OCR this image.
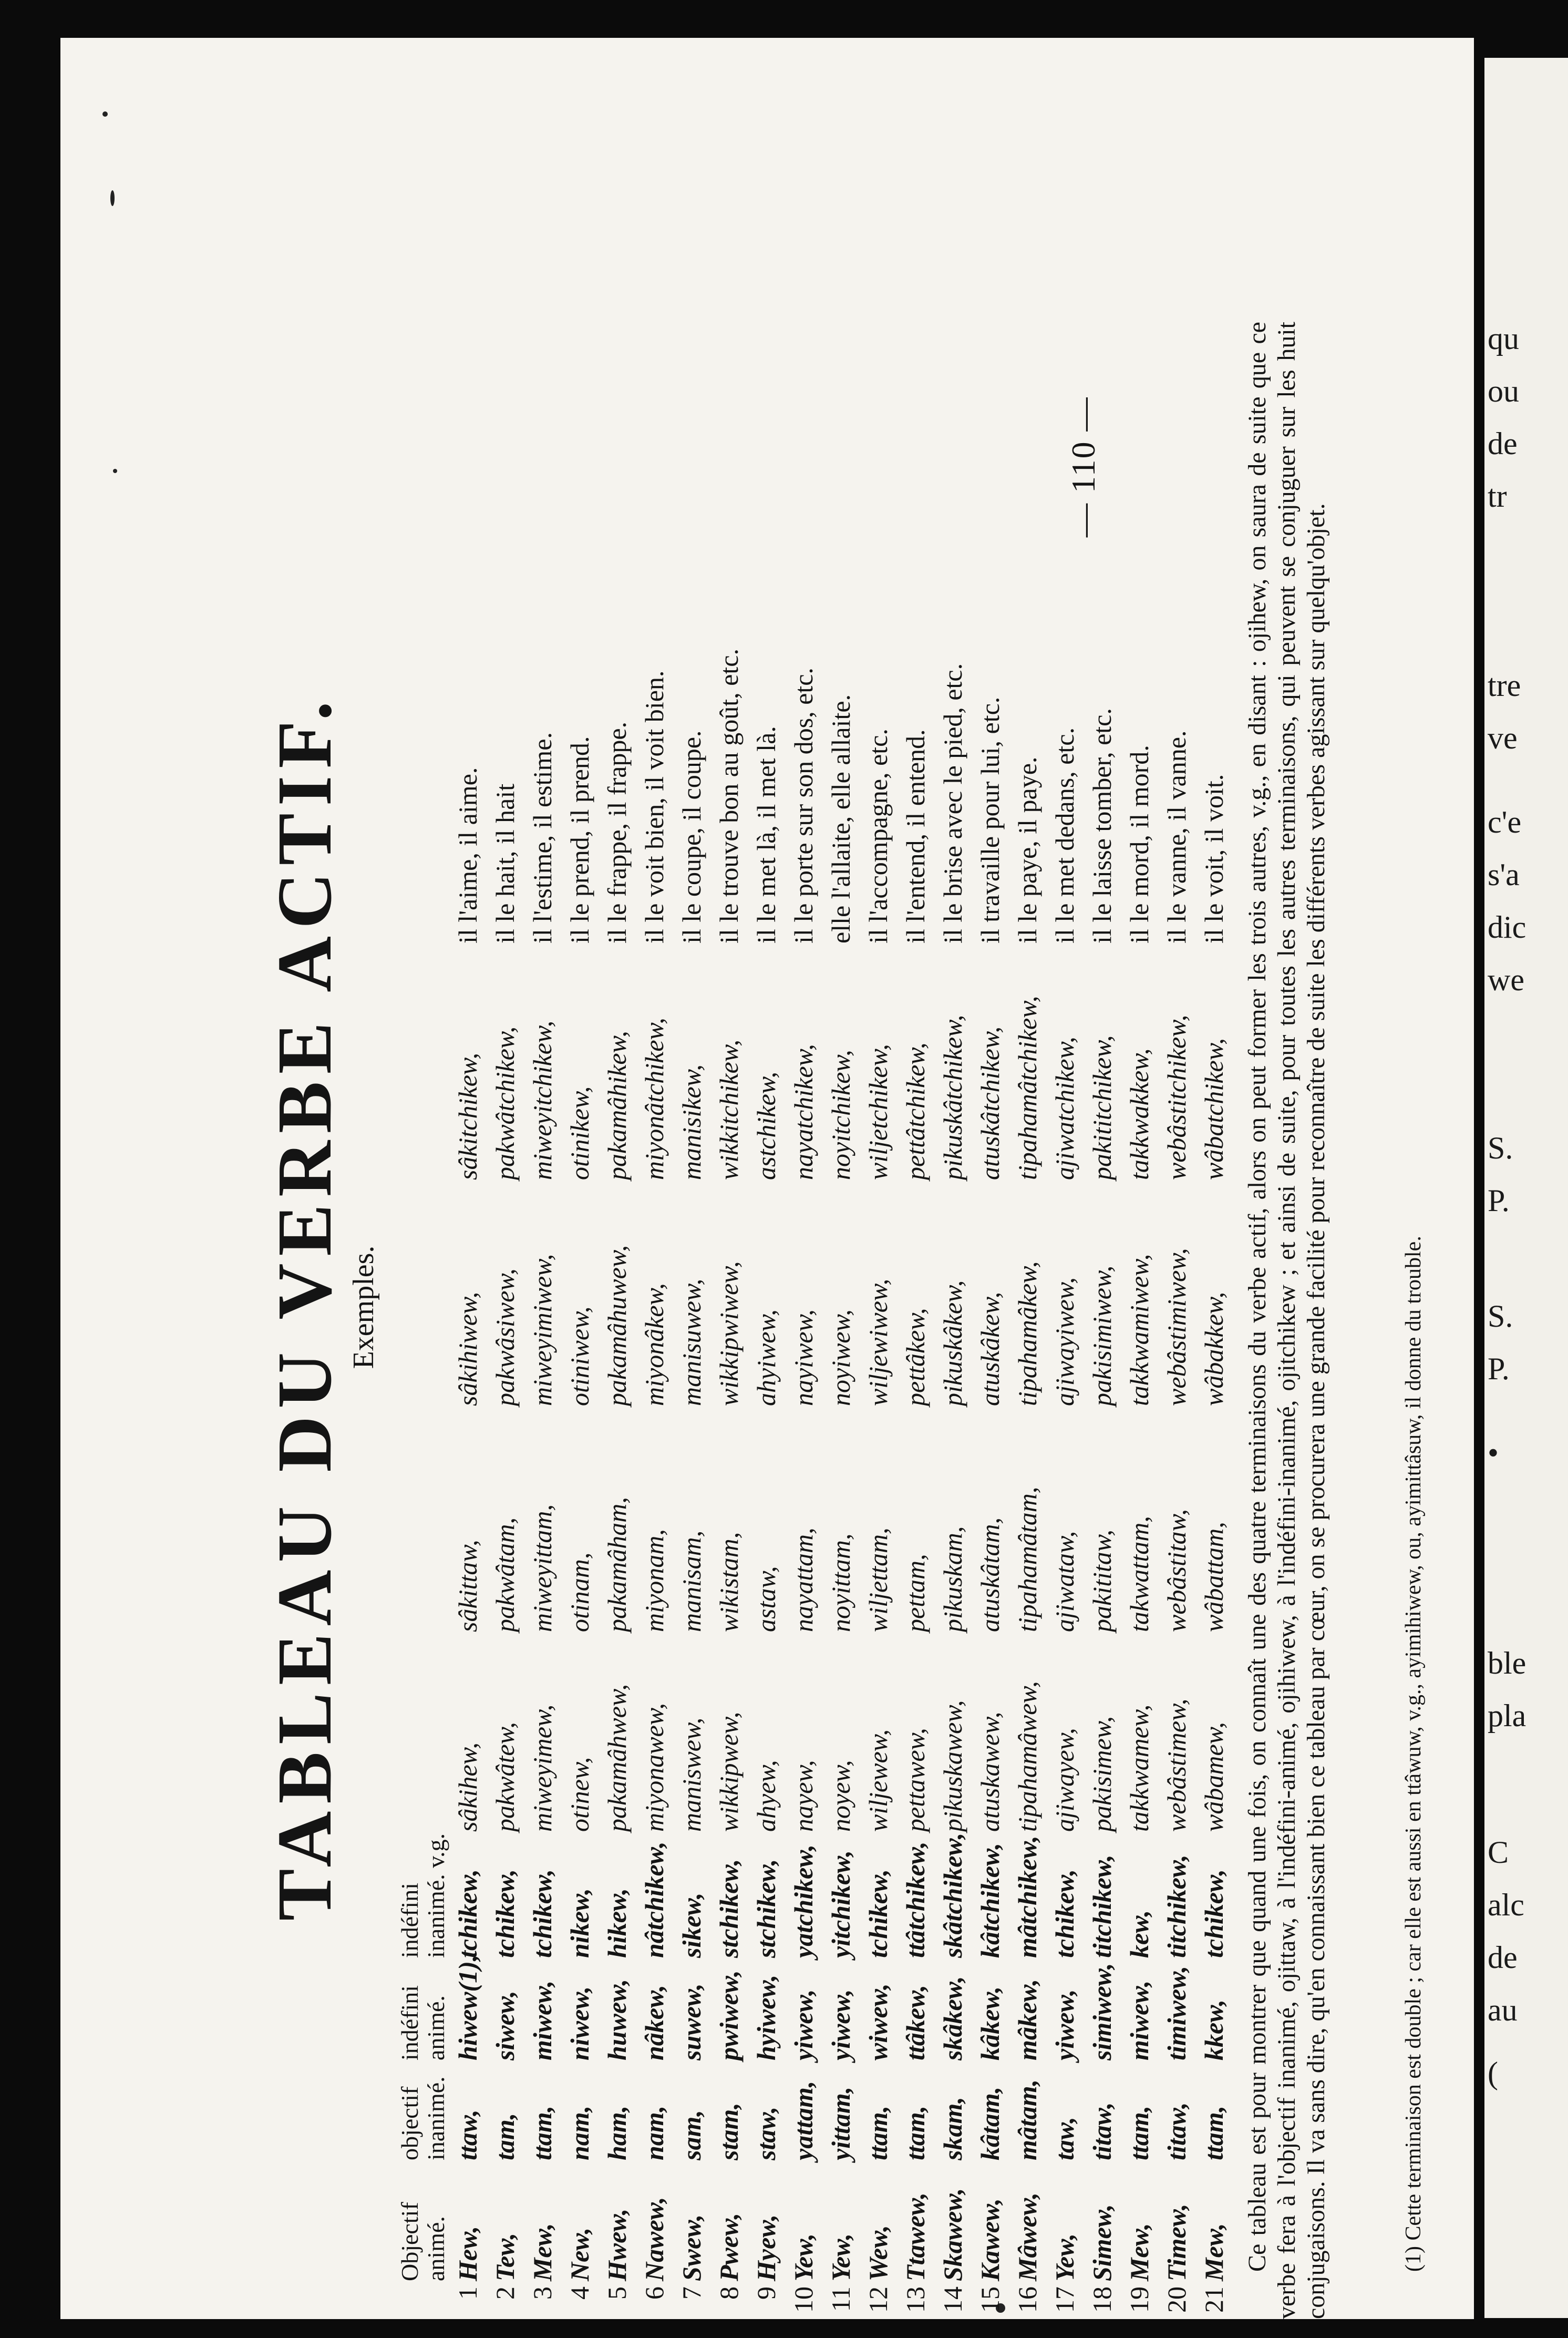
— 110 —
TABLEAU DU VERBE ACTIF. Exemples.
Objectif animé.
objectif inanimé.
indéfini animé.
indéfini inanimé. v.g.
1
Hew,
ttaw,
hiwew(1),
tchikew,
sâkihew,
sâkittaw,
sâkihiwew,
sâkitchikew,
il l'aime, il aime.
2
Tew,
tam,
siwew,
tchikew,
pakwâtew,
pakwâtam,
pakwâsiwew,
pakwâtchikew,
il le hait, il hait
3
Mew,
ttam,
miwew,
tchikew,
miweyimew,
miweyittam,
miweyimiwew,
miweyitchikew,
il l'estime, il estime.
4
New,
nam,
niwew,
nikew,
otinew,
otinam,
otiniwew,
otinikew,
il le prend, il prend.
5
Hwew,
ham,
huwew,
hikew,
pakamâhwew,
pakamâham,
pakamâhuwew,
pakamâhikew,
il le frappe, il frappe.
6
Nawew,
nam,
nâkew,
nâtchikew,
miyonawew,
miyonam,
miyonâkew,
miyonâtchikew,
il le voit bien, il voit bien.
7
Swew,
sam,
suwew,
sikew,
maniswew,
manisam,
manisuwew,
manisikew,
il le coupe, il coupe.
8
Pwew,
stam,
pwiwew,
stchikew,
wikkipwew,
wikistam,
wikkipwiwew,
wikkitchikew,
il le trouve bon au goût, etc.
9
Hyew,
staw,
hyiwew,
stchikew,
ahyew,
astaw,
ahyiwew,
astchikew,
il le met là, il met là.
10
Yew,
yattam,
yiwew,
yatchikew,
nayew,
nayattam,
nayiwew,
nayatchikew,
il le porte sur son dos, etc.
11
Yew,
yittam,
yiwew,
yitchikew,
noyew,
noyittam,
noyiwew,
noyitchikew,
elle l'allaite, elle allaite.
12
Wew,
ttam,
wiwew,
tchikew,
wiljewew,
wiljettam,
wiljewiwew,
wiljetchikew,
il l'accompagne, etc.
13
Ttawew,
ttam,
ttâkew,
ttâtchikew,
pettawew,
pettam,
pettâkew,
pettâtchikew,
il l'entend, il entend.
14
Skawew,
skam,
skâkew,
skâtchikew,
pikuskawew,
pikuskam,
pikuskâkew,
pikuskâtchikew,
il le brise avec le pied, etc.
15
Kawew,
kâtam,
kâkew,
kâtchikew,
atuskawew,
atuskâtam,
atuskâkew,
atuskâtchikew,
il travaille pour lui, etc.
16
Mâwew,
mâtam,
mâkew,
mâtchikew,
tipahamâwew,
tipahamâtam,
tipahamâkew,
tipahamâtchikew,
il le paye, il paye.
17
Yew,
taw,
yiwew,
tchikew,
ajiwayew,
ajiwataw,
ajiwayiwew,
ajiwatchikew,
il le met dedans, etc.
18
Simew,
titaw,
simiwew,
titchikew,
pakisimew,
pakititaw,
pakisimiwew,
pakititchikew,
il le laisse tomber, etc.
19
Mew,
ttam,
miwew,
kew,
takkwamew,
takwattam,
takkwamiwew,
takkwakkew,
il le mord, il mord.
20
Timew,
titaw,
timiwew,
titchikew,
webâstimew,
webâstitaw,
webâstimiwew,
webâstitchikew,
il le vanne, il vanne.
21
Mew,
ttam,
kkew,
tchikew,
wâbamew,
wâbattam,
wâbakkew,
wâbatchikew,
il le voit, il voit. Ce tableau est pour montrer que quand une fois, on connaît une des quatre terminaisons du verbe actif, alors on peut former les trois autres, v.g., en disant : ojihew, on saura de suite que ce verbe fera à l'objectif inanimé, ojittaw, à l'indéfini-animé, ojihiwew, à l'indéfini-inanimé, ojitchikew ; et ainsi de suite, pour toutes les autres terminaisons, qui peuvent se conjuguer sur les huit conjugaisons. Il va sans dire, qu'en connaissant bien ce tableau par cœur, on se procurera une grande facilité pour reconnaître de suite les différents verbes agissant sur quelqu'objet.	(1) Cette terminaison est double ; car elle est aussi en ttâwuw, v.g., ayimihiwew, ou, ayimittâsuw, il donne du trouble.
qu
ou
de
tr
tre
ve
c'e
s'a
dic
we
S.
P.
S.
P.
•
ble
pla
C
alc
de
au
(
